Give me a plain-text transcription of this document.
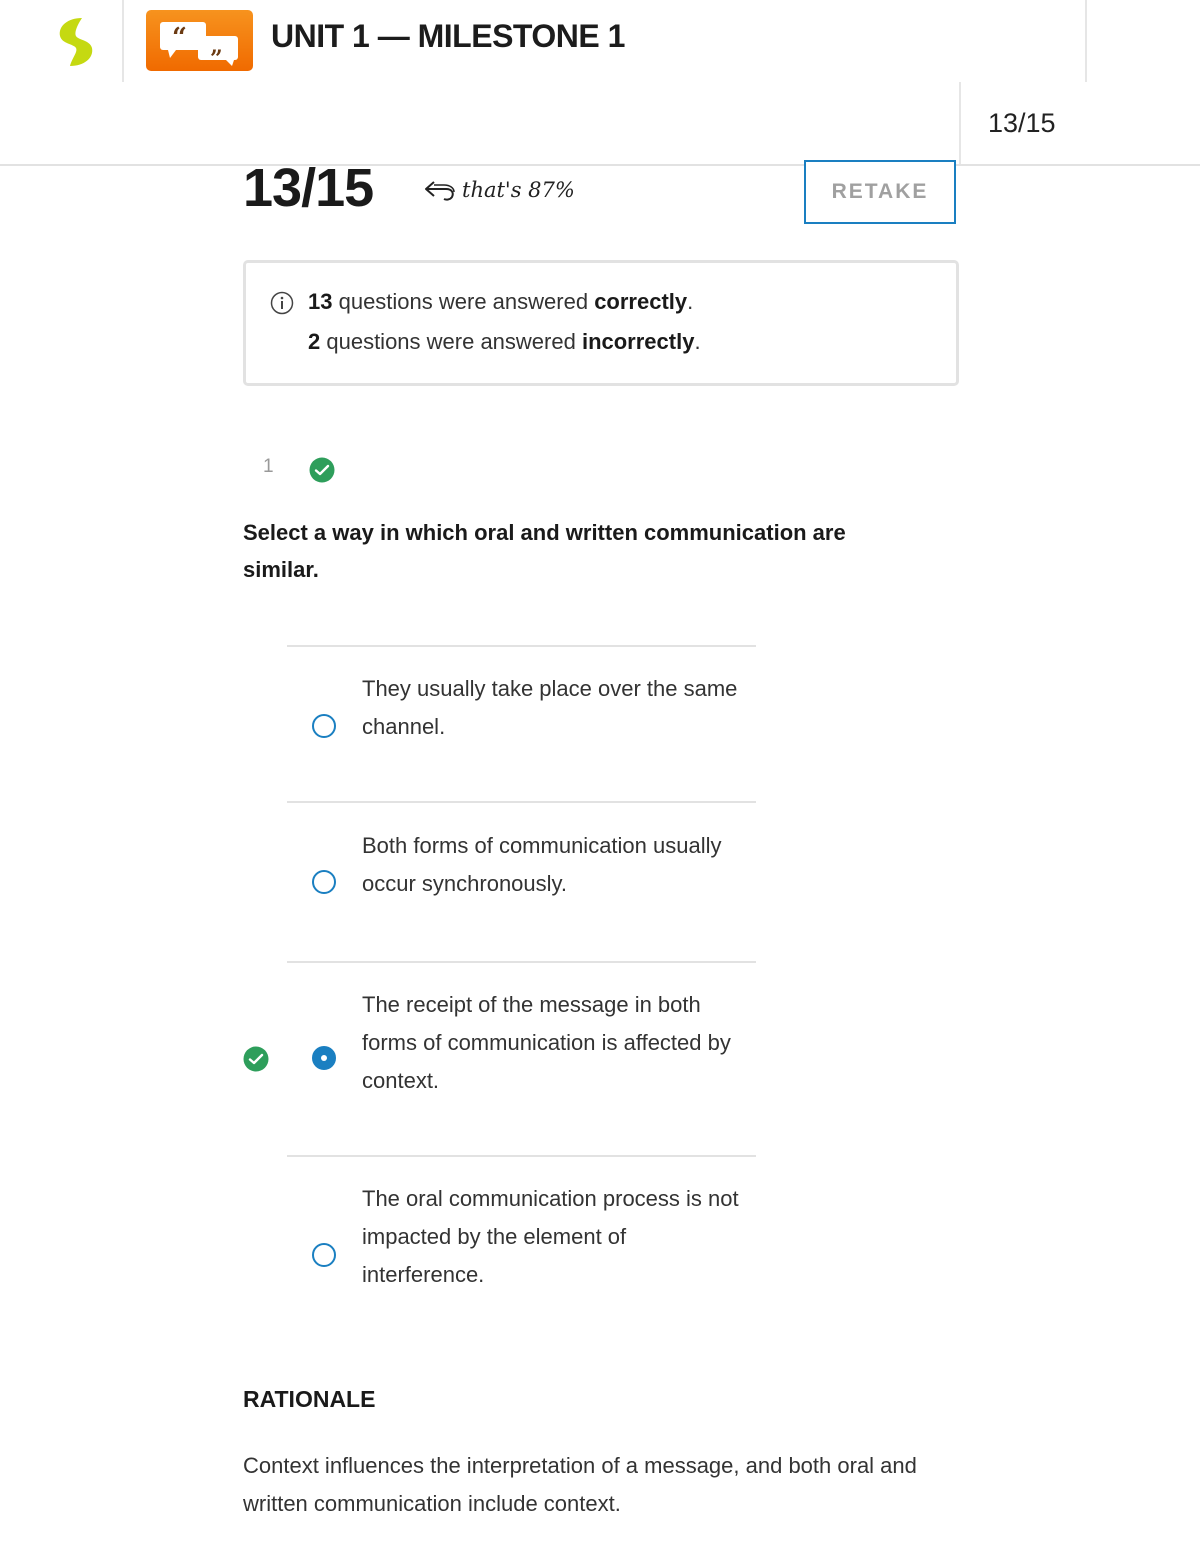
“
”
UNIT 1 — MILESTONE 1
13/15
13/15	that's 87%	RETAKE
13 questions were answered correctly.
2 questions were answered incorrectly.
1
Select a way in which oral and written communication are similar.
They usually take place over the same channel.
Both forms of communication usually occur synchronously.
The receipt of the message in both forms of communication is affected by context.
The oral communication process is not impacted by the element of interference.
RATIONALE
Context influences the interpretation of a message, and both oral and written communication include context.
